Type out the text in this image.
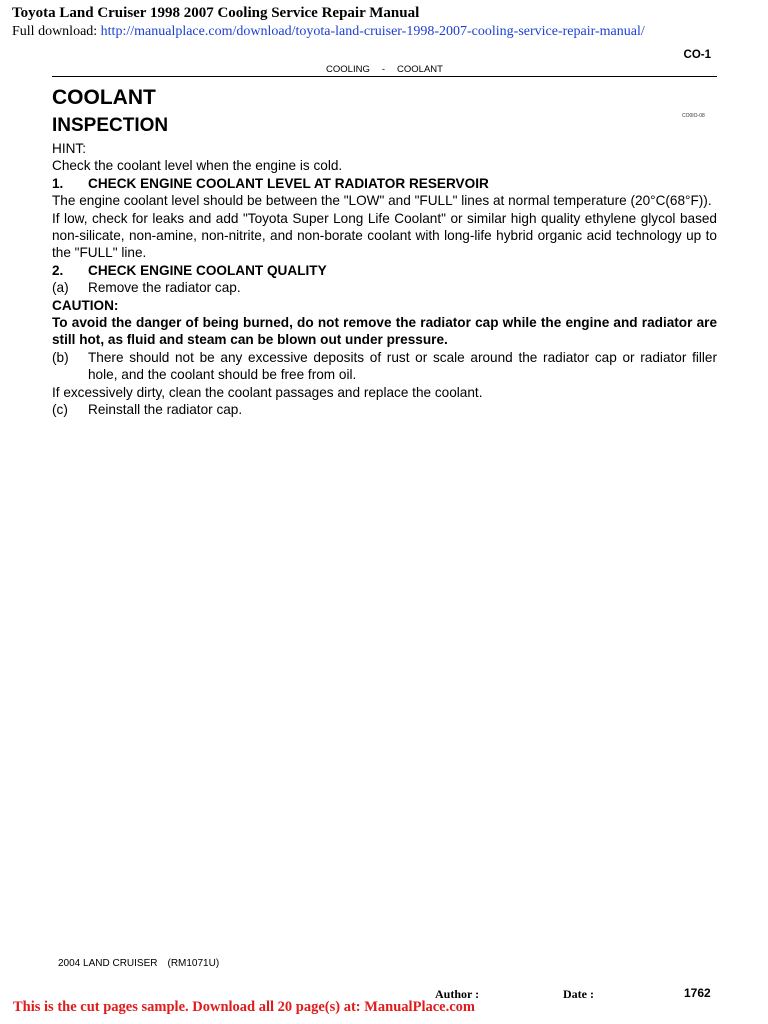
Toyota Land Cruiser 1998 2007 Cooling Service Repair Manual
Full download: http://manualplace.com/download/toyota-land-cruiser-1998-2007-cooling-service-repair-manual/
CO-1
COOLING - COOLANT
COOLANT
INSPECTION	CO0IO-08

HINT:

Check the coolant level when the engine is cold.

1.	CHECK ENGINE COOLANT LEVEL AT RADIATOR RESERVOIR

The engine coolant level should be between the "LOW" and "FULL" lines at normal temperature (20°C(68°F)).

If low, check for leaks and add "Toyota Super Long Life Coolant" or similar high quality ethylene glycol based non-silicate, non-amine, non-nitrite, and non-borate coolant with long-life hybrid organic acid technology up to the "FULL" line.

2.	CHECK ENGINE COOLANT QUALITY
(a)	Remove the radiator cap.

CAUTION:

To avoid the danger of being burned, do not remove the radiator cap while the engine and radiator are still hot, as fluid and steam can be blown out under pressure.

(b)	There should not be any excessive deposits of rust or scale around the radiator cap or radiator filler hole, and the coolant should be free from oil.

If excessively dirty, clean the coolant passages and replace the coolant.

(c)	Reinstall the radiator cap.
2004 LAND CRUISER (RM1071U)
Author :	Date :	1762
This is the cut pages sample. Download all 20 page(s) at: ManualPlace.com
